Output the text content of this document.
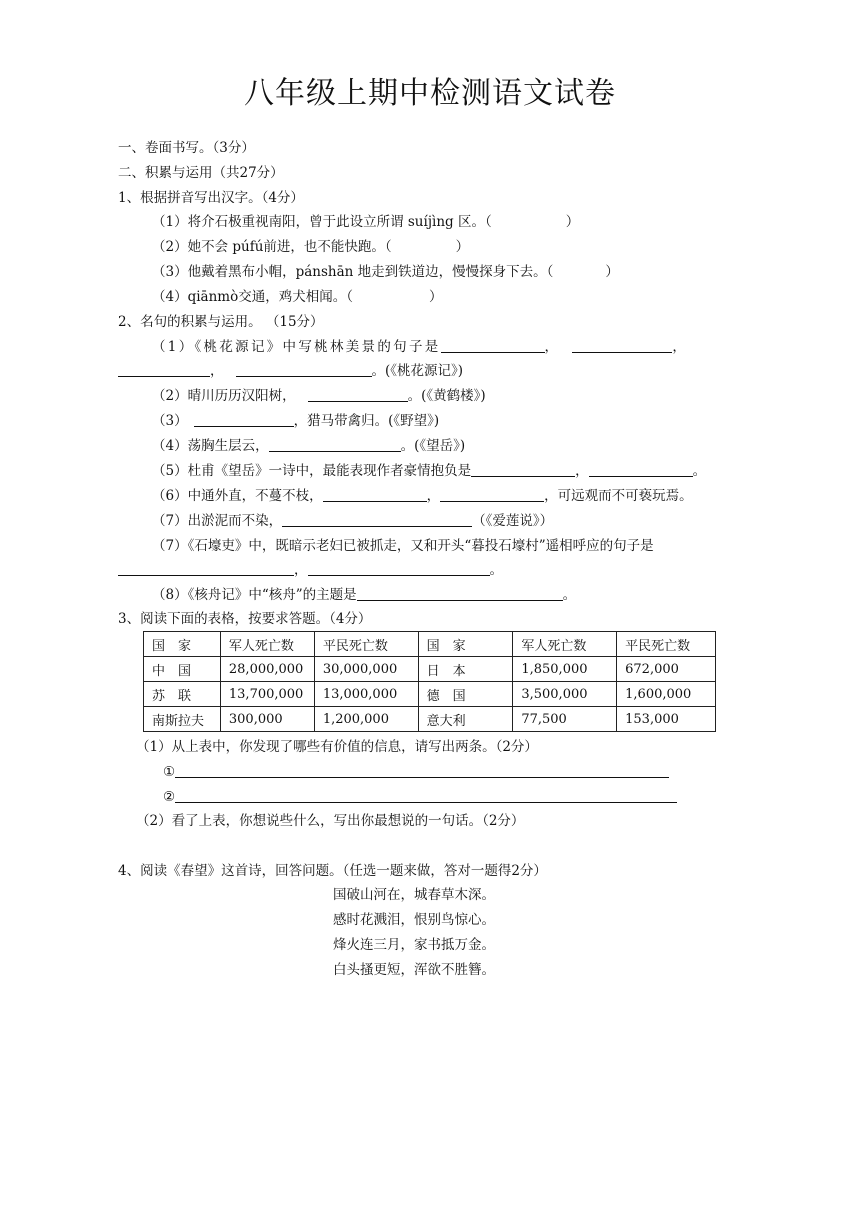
八年级上期中检测语文试卷
一、卷面书写。（3分）
二、积累与运用（共27分）
1、根据拼音写出汉字。（4分）
（1）将介石极重视南阳，曾于此设立所谓 suíjìng 区。（	）
（2）她不会 púfú前进，也不能快跑。（	）
（3）他戴着黑布小帽，pánshān 地走到铁道边，慢慢探身下去。（	）
（4）qiānmò交通，鸡犬相闻。（	）
2、名句的积累与运用。 （15分）
（1）《桃花源记》中写桃林美景的句子是	，	，
，	。(《桃花源记》)
（2）晴川历历汉阳树，	。(《黄鹤楼》)
（3）	，猎马带禽归。(《野望》)
（4）荡胸生层云，	。(《望岳》)
（5）杜甫《望岳》一诗中，最能表现作者豪情抱负是	，	。
（6）中通外直，不蔓不枝，	，	，可远观而不可亵玩焉。
（7）出淤泥而不染，	（《爱莲说》）
（7）《石壕吏》中，既暗示老妇已被抓走，又和开头“暮投石壕村”遥相呼应的句子是
，	。
（8）《核舟记》中“核舟”的主题是	。
3、阅读下面的表格，按要求答题。（4分）
国　家	军人死亡数	平民死亡数	国　家	军人死亡数	平民死亡数
中　国	28,000,000	30,000,000	日　本	1,850,000	672,000
苏　联	13,700,000	13,000,000	德　国	3,500,000	1,600,000
南斯拉夫	300,000	1,200,000	意大利	77,500	153,000
（1）从上表中，你发现了哪些有价值的信息，请写出两条。（2分）
①
②
（2）看了上表，你想说些什么，写出你最想说的一句话。（2分）
4、阅读《春望》这首诗，回答问题。（任选一题来做，答对一题得2分）
国破山河在，城春草木深。
感时花溅泪，恨别鸟惊心。
烽火连三月，家书抵万金。
白头搔更短，浑欲不胜簪。
